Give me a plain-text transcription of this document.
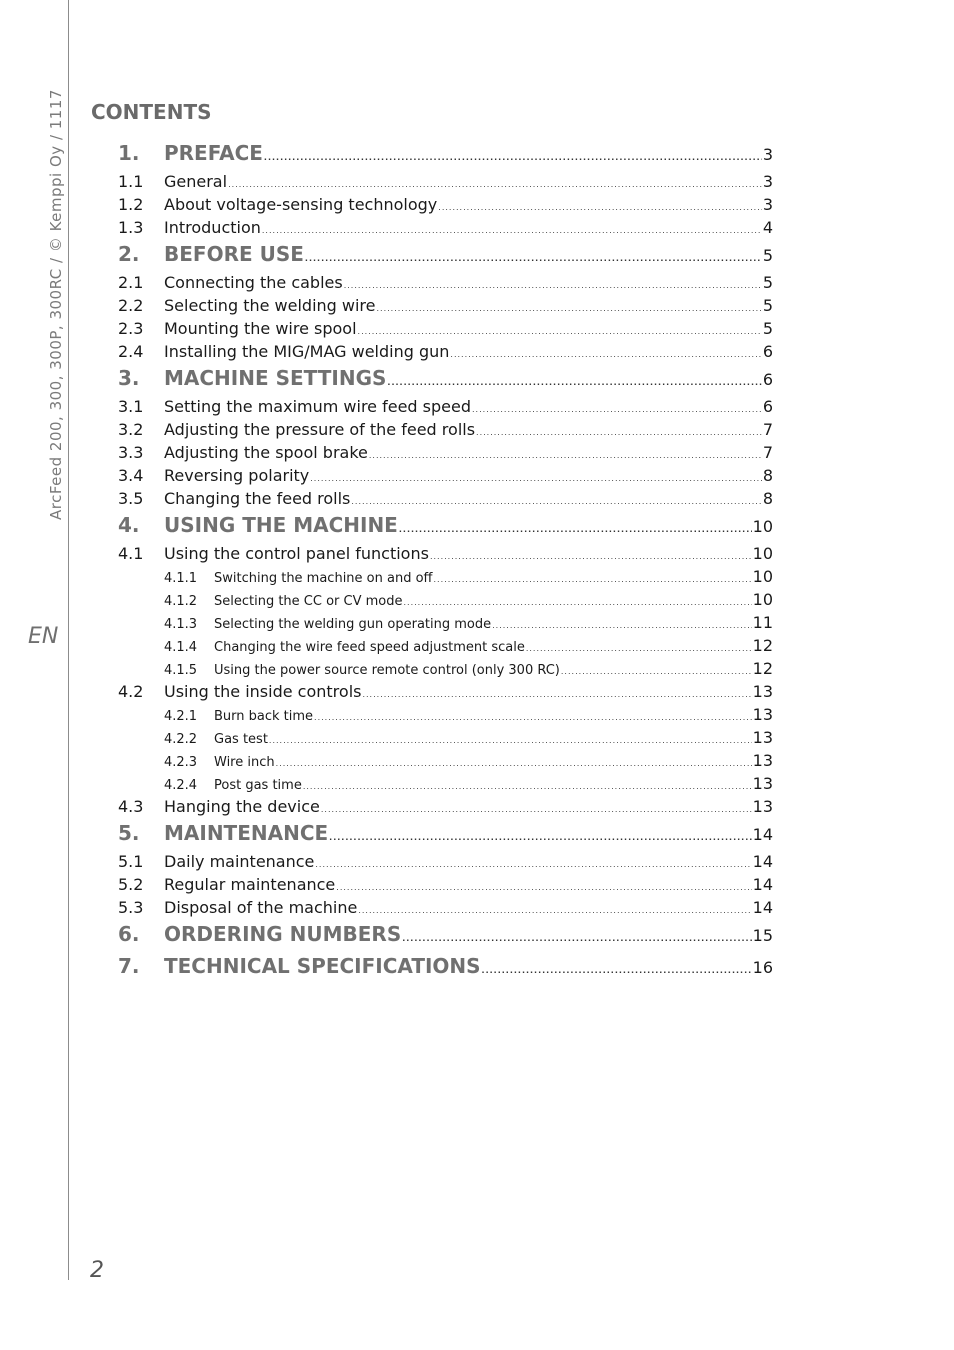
ArcFeed 200, 300, 300P, 300RC / © Kemppi Oy / 1117
EN
CONTENTS
1.	PREFACE .....	3
1.1	General .....	3
1.2	About voltage-sensing technology .....	3
1.3	Introduction .....	4
2.	BEFORE USE .....	5
2.1	Connecting the cables .....	5
2.2	Selecting the welding wire .....	5
2.3	Mounting the wire spool .....	5
2.4	Installing the MIG/MAG welding gun .....	6
3.	MACHINE SETTINGS .....	6
3.1	Setting the maximum wire feed speed .....	6
3.2	Adjusting the pressure of the feed rolls .....	7
3.3	Adjusting the spool brake .....	7
3.4	Reversing polarity .....	8
3.5	Changing the feed rolls .....	8
4.	USING THE MACHINE .....	10
4.1	Using the control panel functions .....	10
4.1.1	Switching the machine on and off .....	10
4.1.2	Selecting the CC or CV mode .....	10
4.1.3	Selecting the welding gun operating mode .....	11
4.1.4	Changing the wire feed speed adjustment scale .....	12
4.1.5	Using the power source remote control (only 300 RC) .....	12
4.2	Using the inside controls .....	13
4.2.1	Burn back time .....	13
4.2.2	Gas test .....	13
4.2.3	Wire inch .....	13
4.2.4	Post gas time .....	13
4.3	Hanging the device .....	13
5.	MAINTENANCE .....	14
5.1	Daily maintenance .....	14
5.2	Regular maintenance .....	14
5.3	Disposal of the machine .....	14
6.	ORDERING NUMBERS .....	15
7.	TECHNICAL SPECIFICATIONS .....	16
2
